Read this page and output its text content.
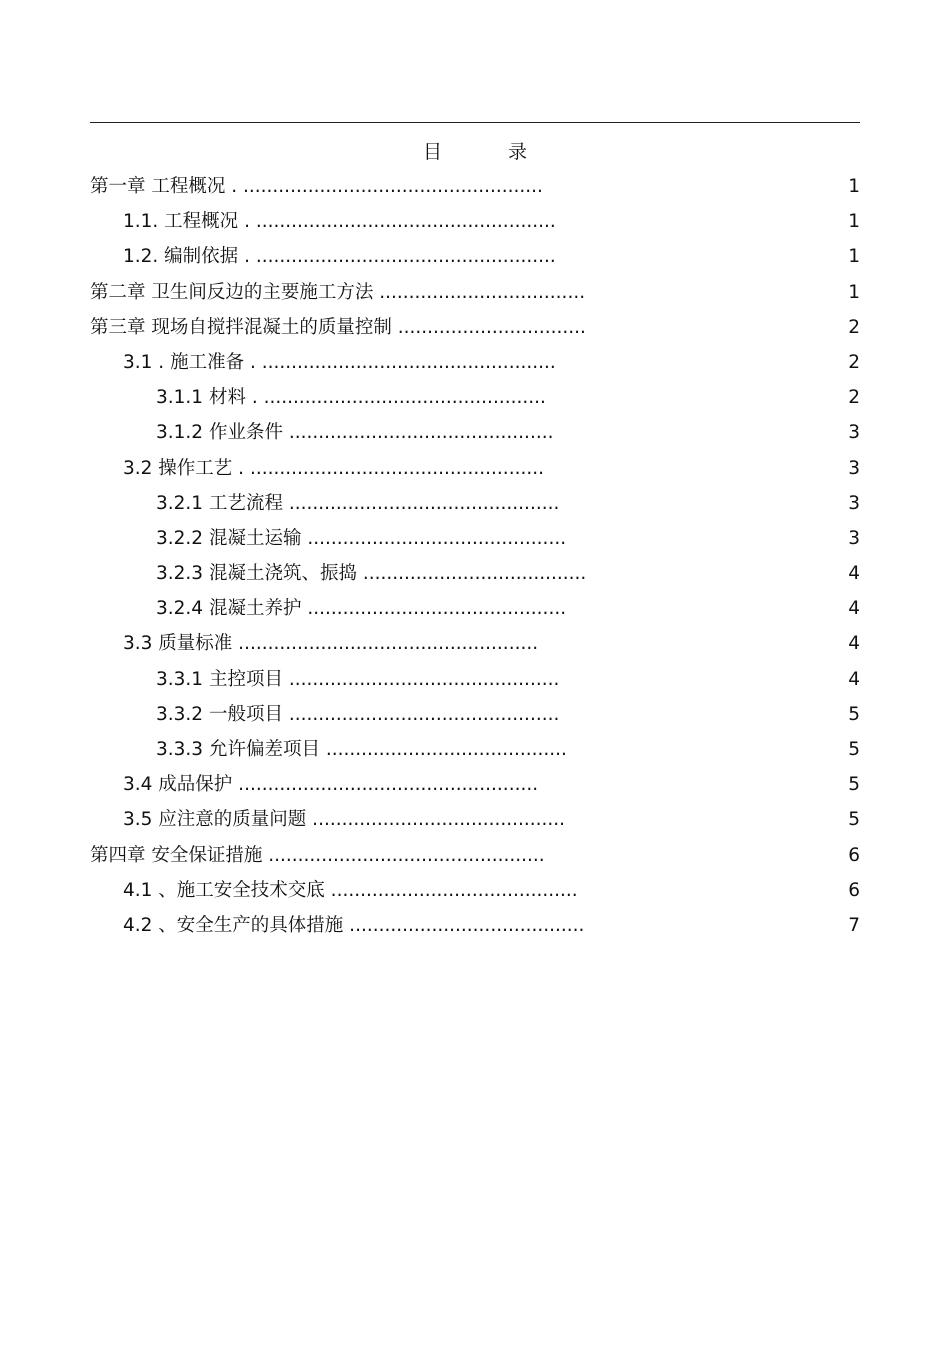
目 录
第一章 工程概况 . ...................................................	1
1.1. 工程概况 . ...................................................	1
1.2. 编制依据 . ...................................................	1
第二章 卫生间反边的主要施工方法 ...................................	1
第三章 现场自搅拌混凝土的质量控制 ................................	2
3.1 . 施工准备 . ..................................................	2
3.1.1 材料 . ................................................	2
3.1.2 作业条件 .............................................	3
3.2 操作工艺 . ..................................................	3
3.2.1 工艺流程 ..............................................	3
3.2.2 混凝土运输 ............................................	3
3.2.3 混凝土浇筑、振捣 ......................................	4
3.2.4 混凝土养护 ............................................	4
3.3 质量标准 ...................................................	4
3.3.1 主控项目 ..............................................	4
3.3.2 一般项目 ..............................................	5
3.3.3 允许偏差项目 .........................................	5
3.4 成品保护 ...................................................	5
3.5 应注意的质量问题 ...........................................	5
第四章 安全保证措施 ...............................................	6
4.1 、施工安全技术交底 ..........................................	6
4.2 、安全生产的具体措施 ........................................	7
